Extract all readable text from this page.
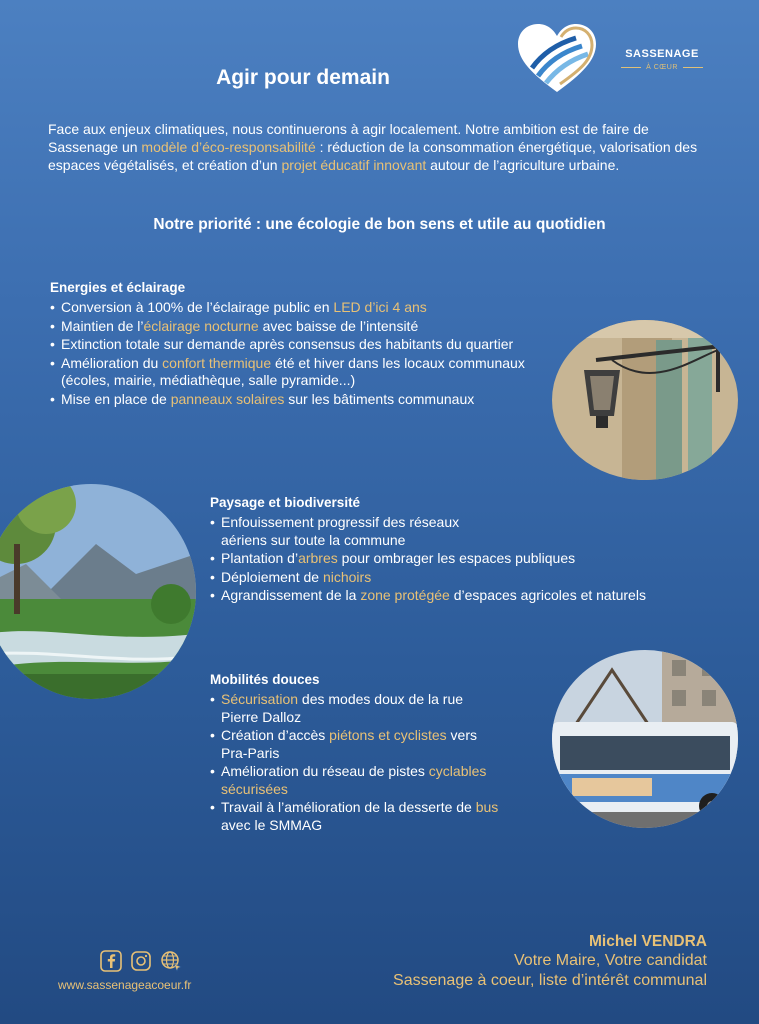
SASSENAGE
À CŒUR
Agir pour demain

Face aux enjeux climatiques, nous continuerons à agir localement. Notre ambition est de faire de Sassenage un modèle d’éco-responsabilité : réduction de la consommation énergétique, valorisation des espaces végétalisés, et création d’un projet éducatif innovant autour de l’agriculture urbaine.

Notre priorité : une écologie de bon sens et utile au quotidien
Energies et éclairage
• Conversion à 100% de l’éclairage public en LED d’ici 4 ans
• Maintien de l’éclairage nocturne avec baisse de l’intensité
• Extinction totale sur demande après consensus des habitants du quartier
• Amélioration du confort thermique été et hiver dans les locaux communaux (écoles, mairie, médiathèque, salle pyramide...)
• Mise en place de panneaux solaires sur les bâtiments communaux
Paysage et biodiversité
• Enfouissement progressif des réseaux
aériens sur toute la commune
• Plantation d’arbres pour ombrager les espaces publiques
• Déploiement de nichoirs
• Agrandissement de la zone protégée d’espaces agricoles et naturels
Mobilités douces
• Sécurisation des modes doux de la rue
Pierre Dalloz
• Création d’accès piétons et cyclistes vers
Pra-Paris
• Amélioration du réseau de pistes cyclables
sécurisées
• Travail à l’amélioration de la desserte de bus
avec le SMMAG
www.sassenageacoeur.fr
Michel VENDRA
Votre Maire, Votre candidat
Sassenage à coeur, liste d’intérêt communal
